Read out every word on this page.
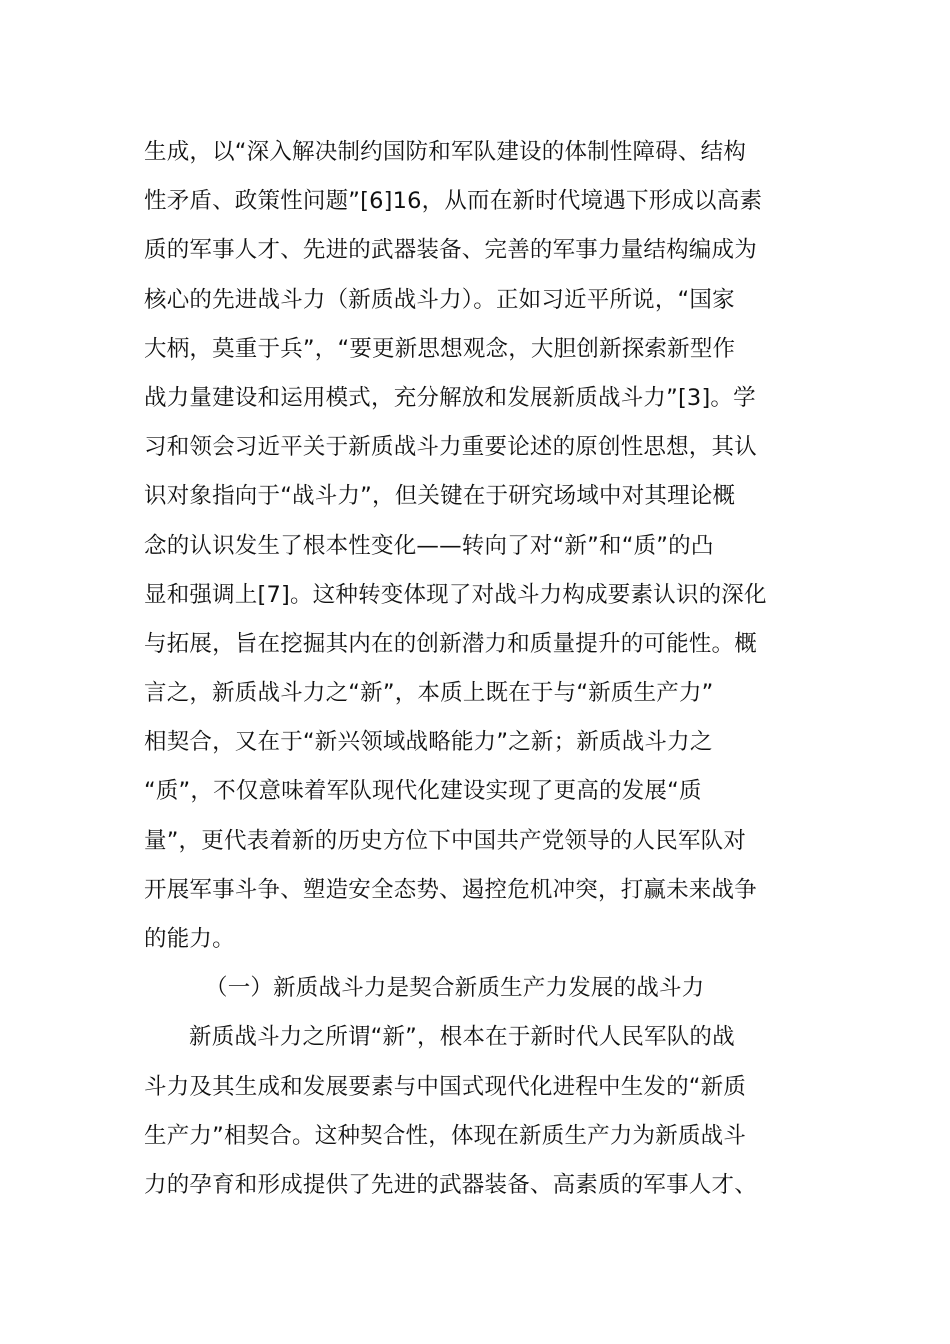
生成，以“深入解决制约国防和军队建设的体制性障碍、结构
性矛盾、政策性问题”[6]16，从而在新时代境遇下形成以高素
质的军事人才、先进的武器装备、完善的军事力量结构编成为
核心的先进战斗力（新质战斗力）。正如习近平所说，“国家
大柄，莫重于兵”，“要更新思想观念，大胆创新探索新型作
战力量建设和运用模式，充分解放和发展新质战斗力”[3]。学
习和领会习近平关于新质战斗力重要论述的原创性思想，其认
识对象指向于“战斗力”，但关键在于研究场域中对其理论概
念的认识发生了根本性变化——转向了对“新”和“质”的凸
显和强调上[7]。这种转变体现了对战斗力构成要素认识的深化
与拓展，旨在挖掘其内在的创新潜力和质量提升的可能性。概
言之，新质战斗力之“新”，本质上既在于与“新质生产力”
相契合，又在于“新兴领域战略能力”之新；新质战斗力之
“质”，不仅意味着军队现代化建设实现了更高的发展“质
量”，更代表着新的历史方位下中国共产党领导的人民军队对
开展军事斗争、塑造安全态势、遏控危机冲突，打赢未来战争
的能力。
（一）新质战斗力是契合新质生产力发展的战斗力
新质战斗力之所谓“新”，根本在于新时代人民军队的战
斗力及其生成和发展要素与中国式现代化进程中生发的“新质
生产力”相契合。这种契合性，体现在新质生产力为新质战斗
力的孕育和形成提供了先进的武器装备、高素质的军事人才、
